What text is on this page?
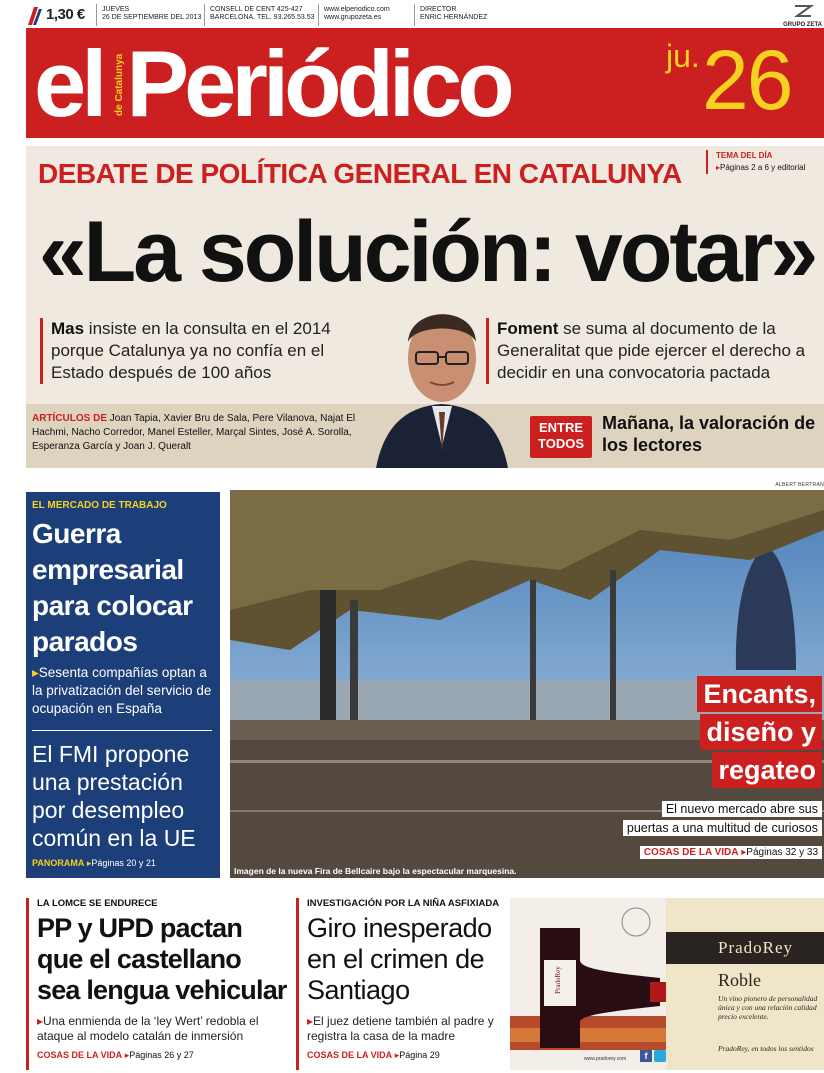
1,30 € JUEVES
26 DE SEPTIEMBRE DEL 2013
CONSELL DE CENT 425-427
BARCELONA. TEL. 93.265.53.53
www.elperiodico.com
www.grupozeta.es
DIRECTOR
ENRIC HERNÁNDEZ
GRUPO ZETA
el Periódico
de Catalunya	ju. 26
DEBATE DE POLÍTICA GENERAL EN CATALUNYA
TEMA DEL DÍA
▸Páginas 2 a 6 y editorial
«La solución: votar»
Mas insiste en la consulta en el 2014 porque Catalunya ya no confía en el Estado después de 100 años
Foment se suma al documento de la Generalitat que pide ejercer el derecho a decidir en una convocatoria pactada
ARTÍCULOS DE Joan Tapia, Xavier Bru de Sala, Pere Vilanova, Najat El Hachmi, Nacho Corredor, Manel Esteller, Marçal Sintes, José A. Sorolla, Esperanza García y Joan J. Queralt
ENTRE
TODOS
Mañana, la valoración de los lectores
ALBERT BERTRAN
EL MERCADO DE TRABAJO
Guerra empresarial para colocar parados
▸Sesenta compañías optan a la privatización del servicio de ocupación en España
El FMI propone una prestación por desempleo común en la UE
PANORAMA ▸Páginas 20 y 21
Imagen de la nueva Fira de Bellcaire bajo la espectacular marquesina.
Encants,
diseño y
regateo
El nuevo mercado abre sus
puertas a una multitud de curiosos
COSAS DE LA VIDA ▸Páginas 32 y 33
LA LOMCE SE ENDURECE
PP y UPD pactan que el castellano sea lengua vehicular
▸Una enmienda de la ‘ley Wert’ redobla el ataque al modelo catalán de inmersión
COSAS DE LA VIDA ▸Páginas 26 y 27
INVESTIGACIÓN POR LA NIÑA ASFIXIADA
Giro inesperado en el crimen de Santiago
▸El juez detiene también al padre y registra la casa de la madre
COSAS DE LA VIDA ▸Página 29
PradoRey
PradoRey
Roble
Un vino pionero de personalidad única y con una relación calidad precio excelente.
PradoRey, en todos los sentidos
www.pradorey.com	f
